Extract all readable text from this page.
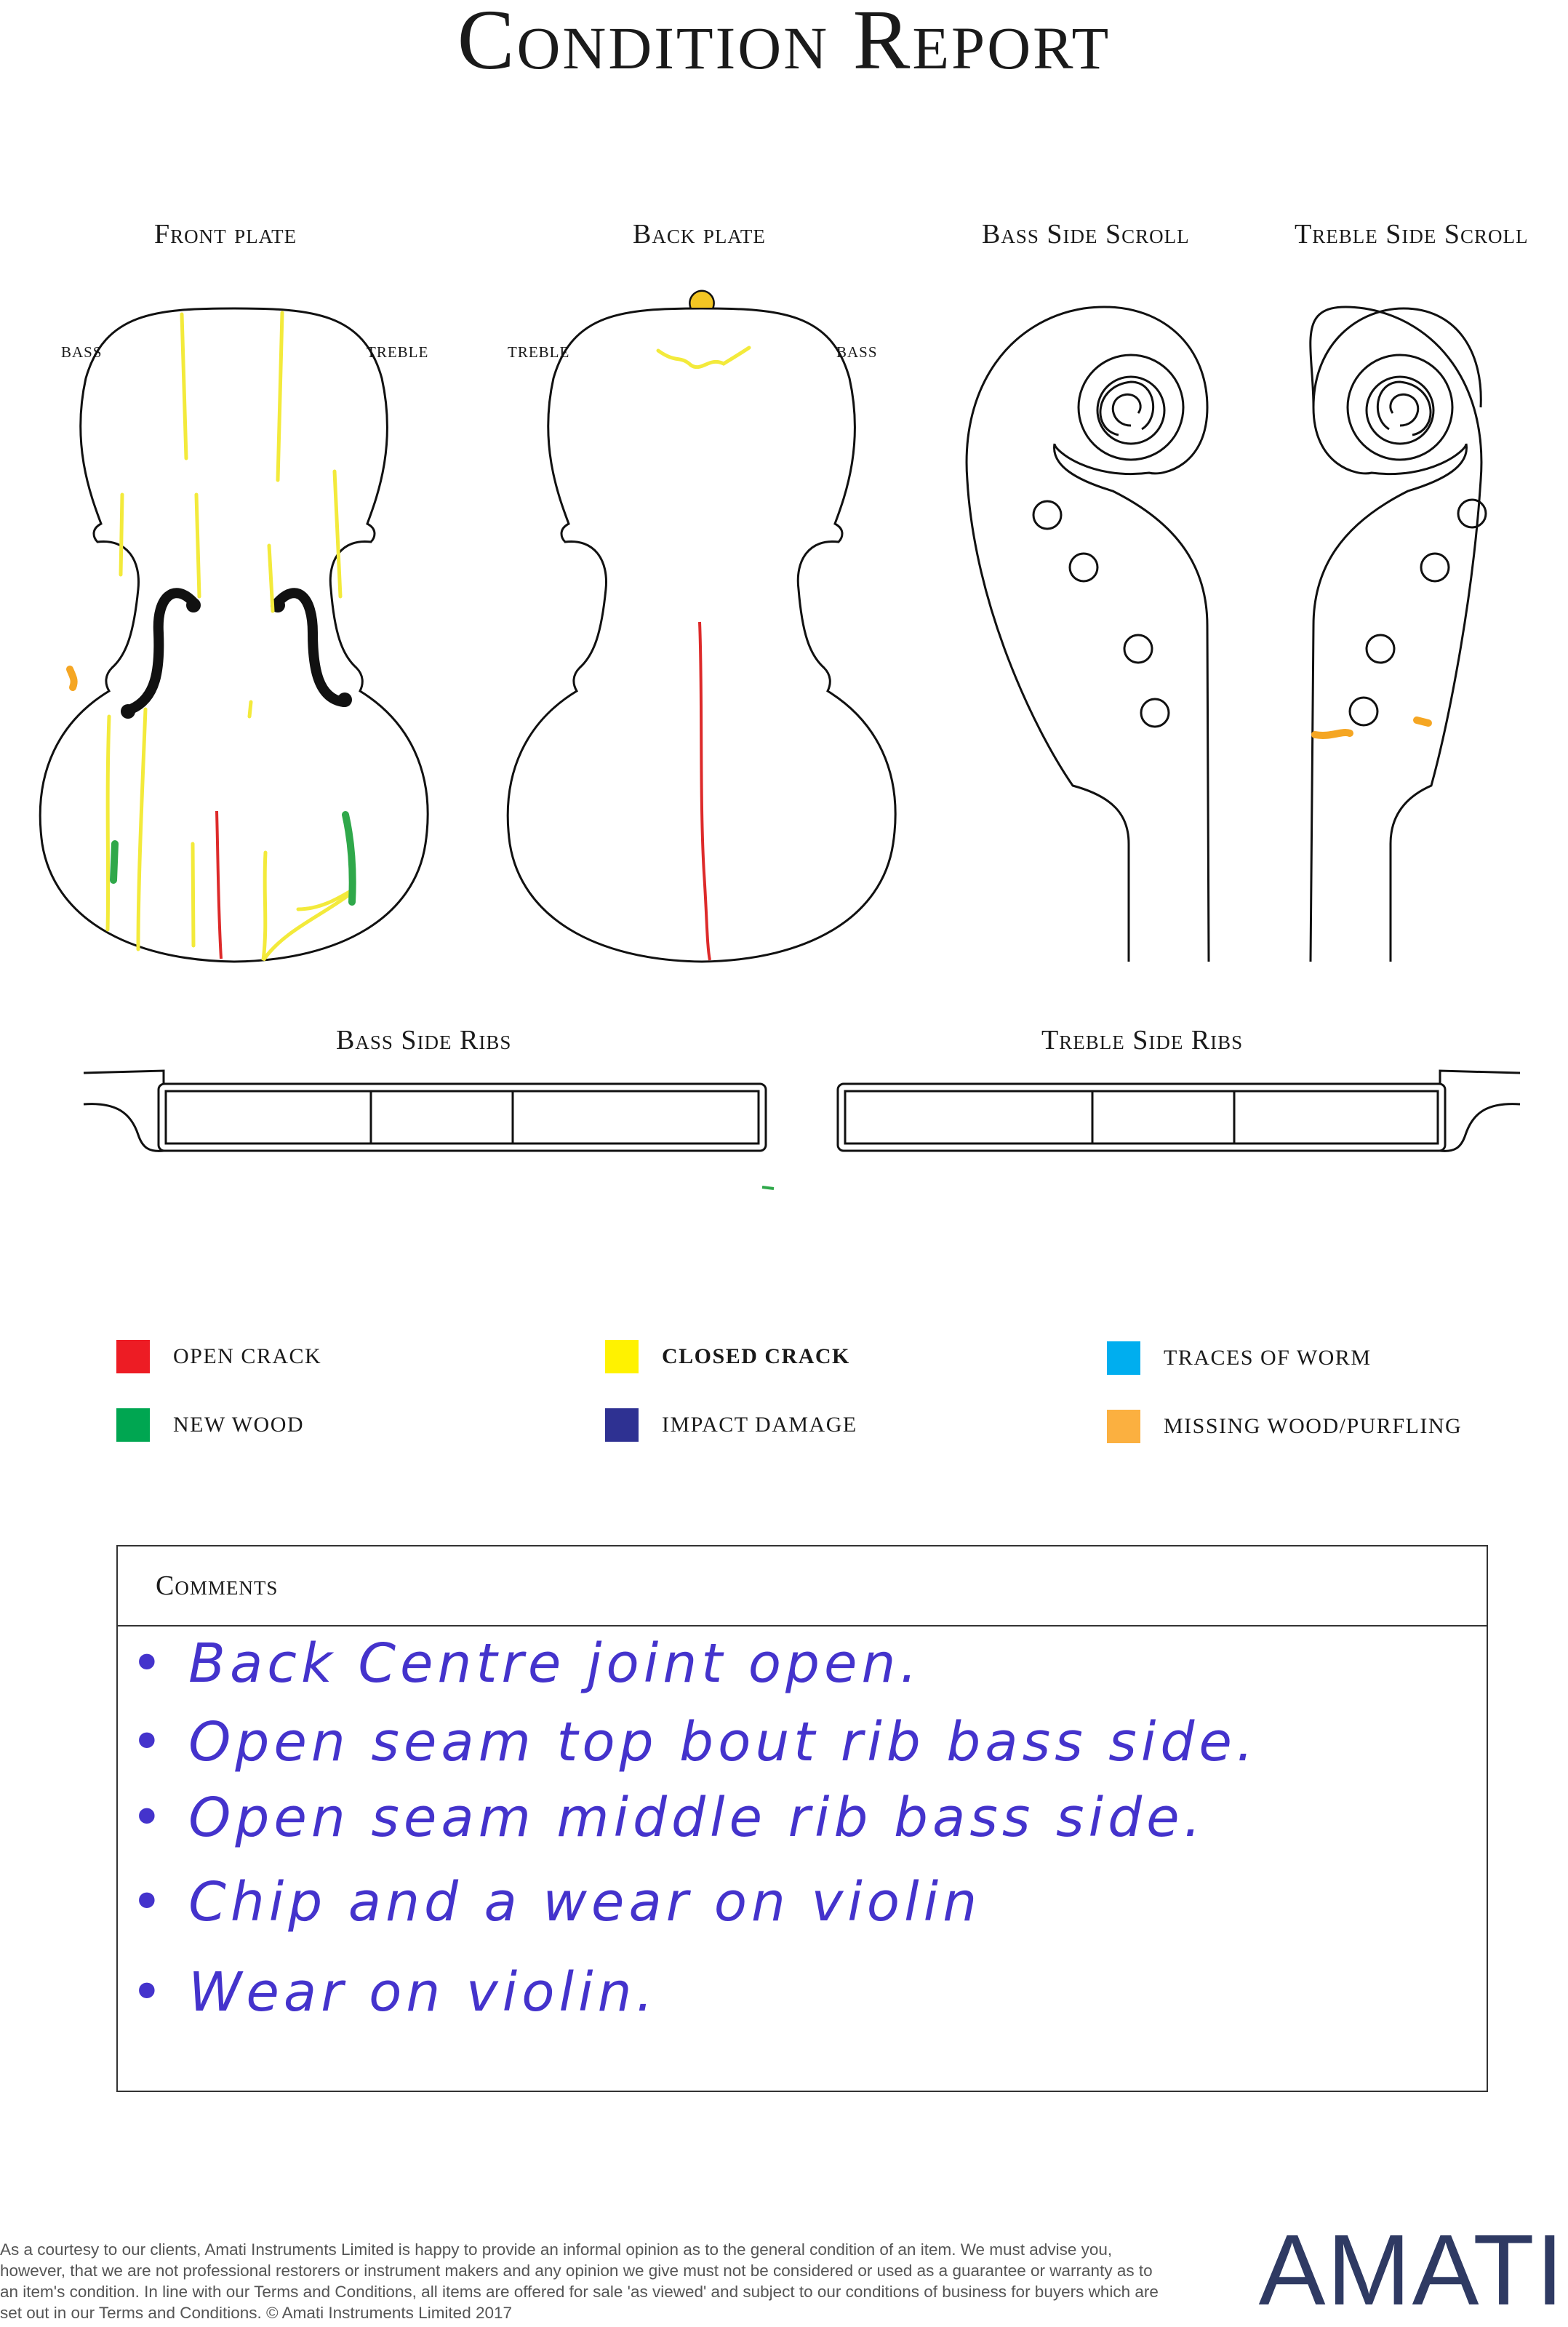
Condition Report
Front plate	Back plate	Bass Side Scroll	Treble Side Scroll
Bass Side Ribs	Treble Side Ribs
BASS	TREBLE	TREBLE	BASS
OPEN CRACK	CLOSED CRACK	TRACES OF WORM
NEW WOOD	IMPACT DAMAGE	MISSING WOOD/PURFLING
Comments
• Back Centre joint open.
• Open seam top bout rib bass side.
• Open seam middle rib bass side.
• Chip and a wear on violin
• Wear on violin.
As a courtesy to our clients, Amati Instruments Limited is happy to provide an informal opinion as to the general condition of an item. We must advise you, however, that we are not professional restorers or instrument makers and any opinion we give must not be considered or used as a guarantee or warranty as to an item's condition. In line with our Terms and Conditions, all items are offered for sale 'as viewed' and subject to our conditions of business for buyers which are set out in our Terms and Conditions. © Amati Instruments Limited 2017	AMATI
